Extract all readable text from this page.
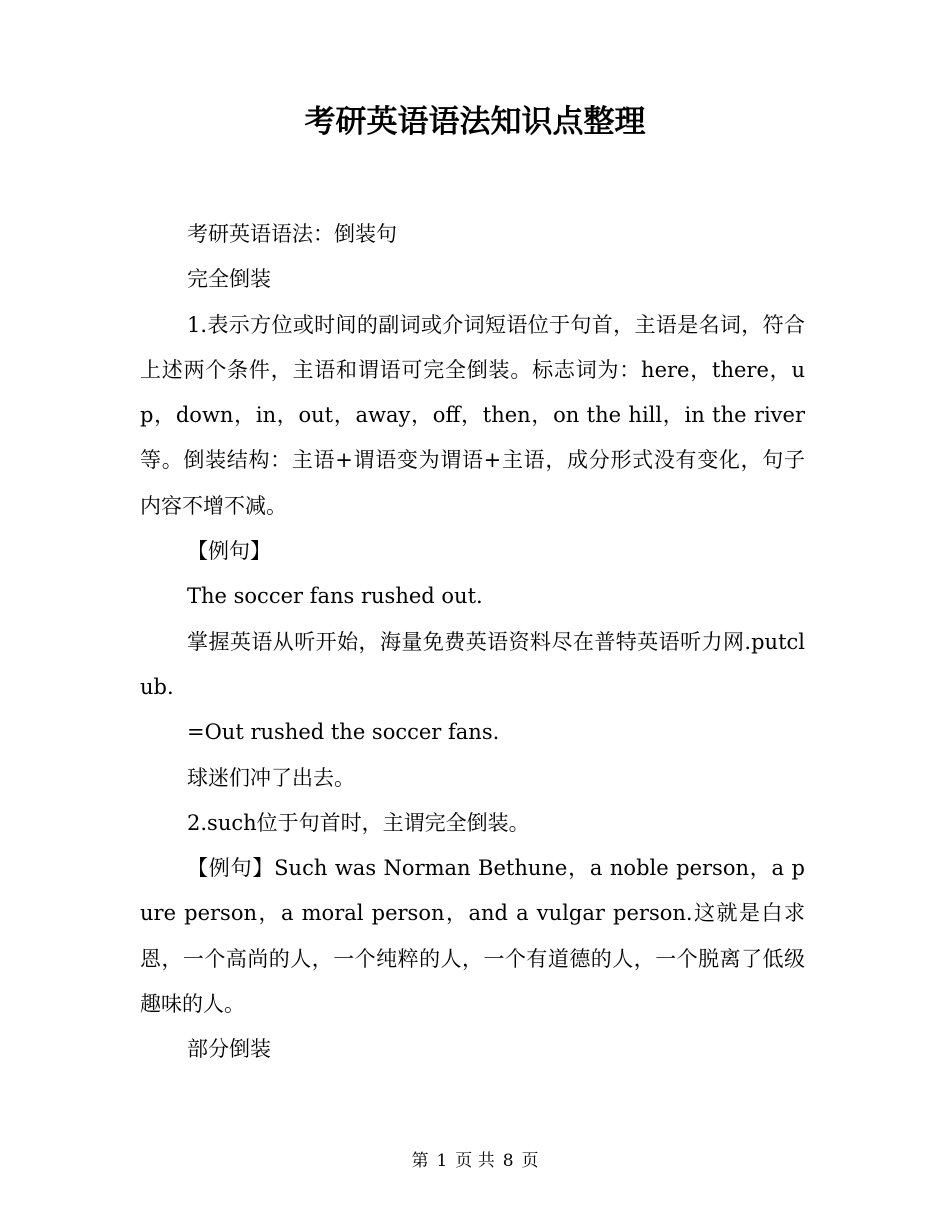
考研英语语法知识点整理

考研英语语法：倒装句

完全倒装

1.表示方位或时间的副词或介词短语位于句首，主语是名词，符合上述两个条件，主语和谓语可完全倒装。标志词为：here，there，up，down，in，out，away，off，then，on the hill，in the river等。倒装结构：主语+谓语变为谓语+主语，成分形式没有变化，句子内容不增不减。

【例句】

The soccer fans rushed out.

掌握英语从听开始，海量免费英语资料尽在普特英语听力网.putclub.

=Out rushed the soccer fans.

球迷们冲了出去。

2.such位于句首时，主谓完全倒装。

【例句】Such was Norman Bethune，a noble person，a pure person，a moral person，and a vulgar person.这就是白求恩，一个高尚的人，一个纯粹的人，一个有道德的人，一个脱离了低级趣味的人。

部分倒装

第 1 页 共 8 页
